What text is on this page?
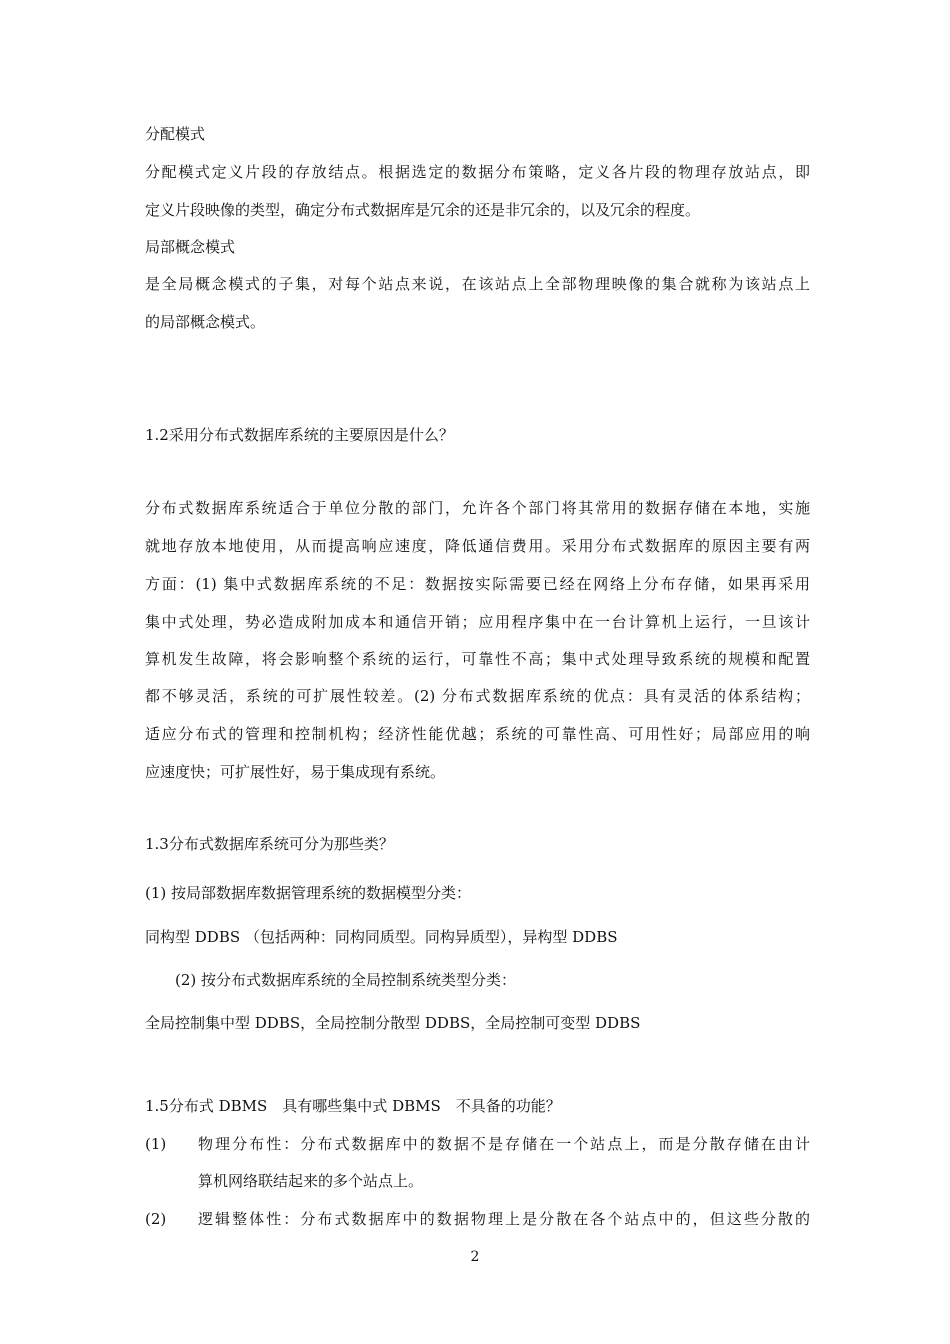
分配模式
分配模式定义片段的存放结点。根据选定的数据分布策略，定义各片段的物理存放站点，即
定义片段映像的类型，确定分布式数据库是冗余的还是非冗余的，以及冗余的程度。
局部概念模式
是全局概念模式的子集，对每个站点来说，在该站点上全部物理映像的集合就称为该站点上
的局部概念模式。
1.2采用分布式数据库系统的主要原因是什么？
分布式数据库系统适合于单位分散的部门，允许各个部门将其常用的数据存储在本地，实施
就地存放本地使用，从而提高响应速度，降低通信费用。采用分布式数据库的原因主要有两
方面：(1) 集中式数据库系统的不足：数据按实际需要已经在网络上分布存储，如果再采用
集中式处理，势必造成附加成本和通信开销；应用程序集中在一台计算机上运行，一旦该计
算机发生故障，将会影响整个系统的运行，可靠性不高；集中式处理导致系统的规模和配置
都不够灵活，系统的可扩展性较差。(2) 分布式数据库系统的优点：具有灵活的体系结构；
适应分布式的管理和控制机构；经济性能优越；系统的可靠性高、可用性好；局部应用的响
应速度快；可扩展性好，易于集成现有系统。
1.3分布式数据库系统可分为那些类？
(1) 按局部数据库数据管理系统的数据模型分类：
同构型 DDBS （包括两种：同构同质型。同构异质型），异构型 DDBS
(2) 按分布式数据库系统的全局控制系统类型分类：
全局控制集中型 DDBS，全局控制分散型 DDBS，全局控制可变型 DDBS
1.5分布式 DBMS　具有哪些集中式 DBMS　不具备的功能？
(1) 物理分布性：分布式数据库中的数据不是存储在一个站点上，而是分散存储在由计
算机网络联结起来的多个站点上。
(2) 逻辑整体性：分布式数据库中的数据物理上是分散在各个站点中的，但这些分散的
2
